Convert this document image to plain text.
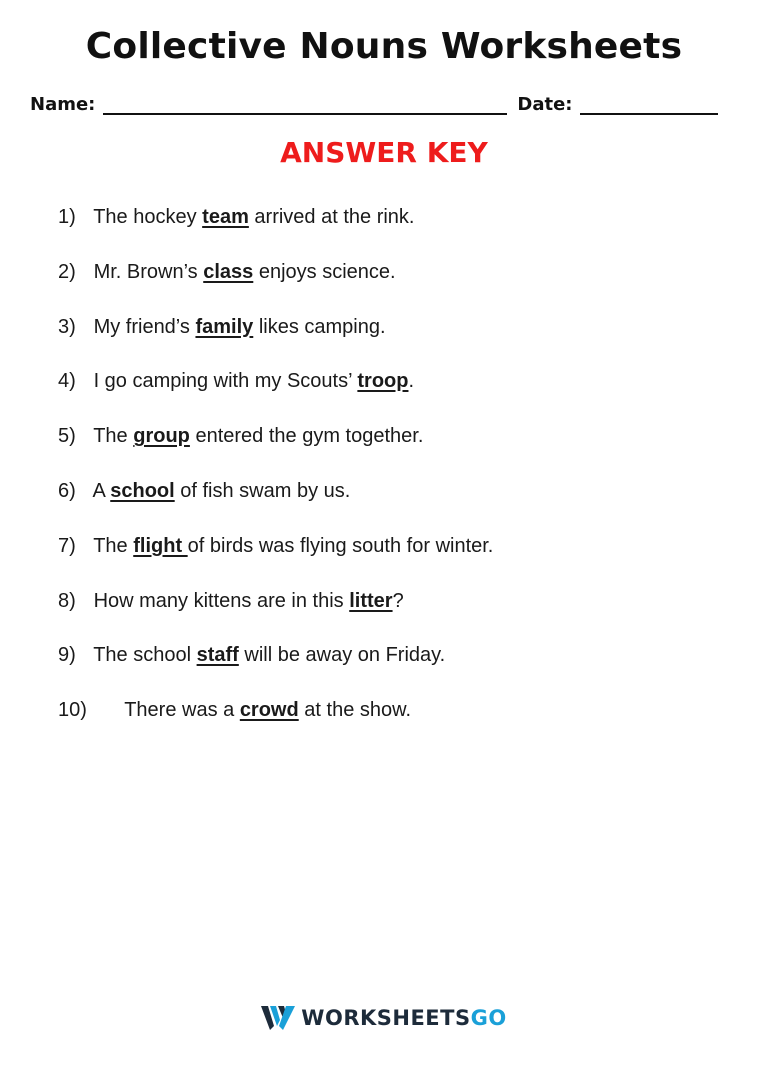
Collective Nouns Worksheets
Name:	Date:
ANSWER KEY
1) The hockey team arrived at the rink.
2) Mr. Brown’s class enjoys science.
3) My friend’s family likes camping.
4) I go camping with my Scouts’ troop.
5) The group entered the gym together.
6) A school of fish swam by us.
7) The flight of birds was flying south for winter.
8) How many kittens are in this litter?
9) The school staff will be away on Friday.
10) There was a crowd at the show.
WORKSHEETS GO
